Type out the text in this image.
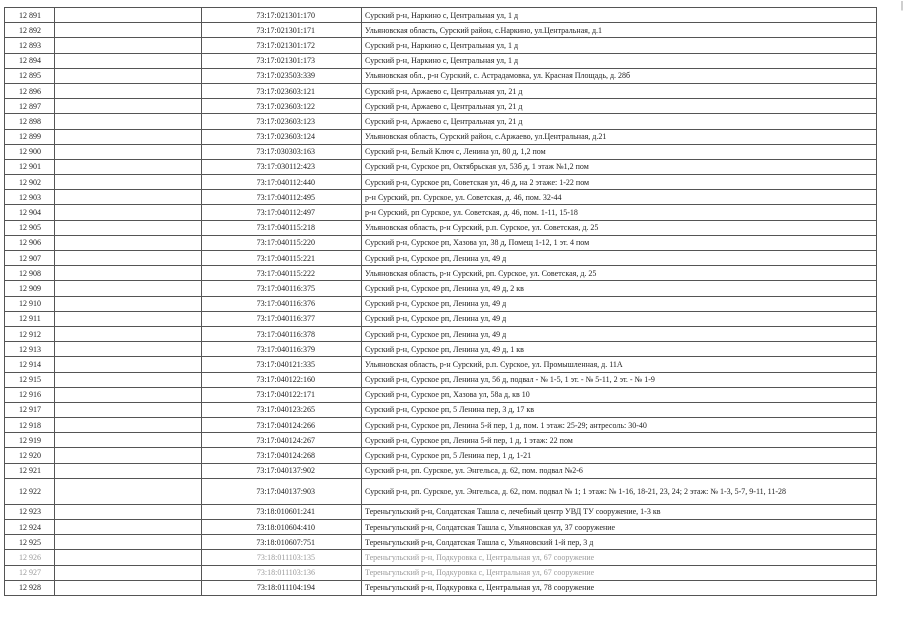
12 891		73:17:021301:170	Сурский р-н, Наркино с, Центральная ул, 1 д
12 892		73:17:021301:171	Ульяновская область, Сурский район, с.Наркино, ул.Центральная, д.1
12 893		73:17:021301:172	Сурский р-н, Наркино с, Центральная ул, 1 д
12 894		73:17:021301:173	Сурский р-н, Наркино с, Центральная ул, 1 д
12 895		73:17:023503:339	Ульяновская обл., р-н Сурский, с. Астрадамовка, ул. Красная Площадь, д. 28б
12 896		73:17:023603:121	Сурский р-н, Аржаево с, Центральная ул, 21 д
12 897		73:17:023603:122	Сурский р-н, Аржаево с, Центральная ул, 21 д
12 898		73:17:023603:123	Сурский р-н, Аржаево с, Центральная ул, 21 д
12 899		73:17:023603:124	Ульяновская область, Сурский район, с.Аржаево, ул.Центральная, д.21
12 900		73:17:030303:163	Сурский р-н, Белый Ключ с, Ленина ул, 80 д, 1,2 пом
12 901		73:17:030112:423	Сурский р-н, Сурское рп, Октябрьская ул, 53б д, 1 этаж №1,2 пом
12 902		73:17:040112:440	Сурский р-н, Сурское рп, Советская ул, 46 д, на 2 этаже: 1-22 пом
12 903		73:17:040112:495	р-н Сурский, рп. Сурское, ул. Советская, д. 46, пом. 32-44
12 904		73:17:040112:497	р-н Сурский, рп Сурское, ул. Советская, д. 46, пом. 1-11, 15-18
12 905		73:17:040115:218	Ульяновская область, р-н Сурский, р.п. Сурское, ул. Советская, д. 25
12 906		73:17:040115:220	Сурский р-н, Сурское рп, Хазова ул, 38 д, Помещ 1-12, 1 эт. 4 пом
12 907		73:17:040115:221	Сурский р-н, Сурское рп, Ленина ул, 49 д
12 908		73:17:040115:222	Ульяновская область, р-н Сурский, рп. Сурское, ул. Советская, д. 25
12 909		73:17:040116:375	Сурский р-н, Сурское рп, Ленина ул, 49 д, 2 кв
12 910		73:17:040116:376	Сурский р-н, Сурское рп, Ленина ул, 49 д
12 911		73:17:040116:377	Сурский р-н, Сурское рп, Ленина ул, 49 д
12 912		73:17:040116:378	Сурский р-н, Сурское рп, Ленина ул, 49 д
12 913		73:17:040116:379	Сурский р-н, Сурское рп, Ленина ул, 49 д, 1 кв
12 914		73:17:040121:335	Ульяновская область, р-н Сурский, р.п. Сурское, ул. Промышленная, д. 11А
12 915		73:17:040122:160	Сурский р-н, Сурское рп, Ленина ул, 56 д, подвал - № 1-5, 1 эт. - № 5-11, 2 эт. - № 1-9
12 916		73:17:040122:171	Сурский р-н, Сурское рп, Хазова ул, 58а д, кв 10
12 917		73:17:040123:265	Сурский р-н, Сурское рп, 5 Ленина пер, 3 д, 17 кв
12 918		73:17:040124:266	Сурский р-н, Сурское рп, Ленина 5-й пер, 1 д, пом. 1 этаж: 25-29; антресоль: 30-40
12 919		73:17:040124:267	Сурский р-н, Сурское рп, Ленина 5-й пер, 1 д, 1 этаж: 22 пом
12 920		73:17:040124:268	Сурский р-н, Сурское рп, 5 Ленина пер, 1 д, 1-21
12 921		73:17:040137:902	Сурский р-н, рп. Сурское, ул. Энгельса, д. 62, пом. подвал №2-6
12 922		73:17:040137:903	Сурский р-н, рп. Сурское, ул. Энгельса, д. 62, пом. подвал № 1; 1 этаж: № 1-16, 18-21, 23, 24; 2 этаж: № 1-3, 5-7, 9-11, 11-28
12 923		73:18:010601:241	Тереньгульский р-н, Солдатская Ташла с, лечебный центр УВД ТУ сооружение, 1-3 кв
12 924		73:18:010604:410	Тереньгульский р-н, Солдатская Ташла с, Ульяновская ул, 37 сооружение
12 925		73:18:010607:751	Тереньгульский р-н, Солдатская Ташла с, Ульяновский 1-й пер, 3 д
12 926		73:18:011103:135	Тереньгульский р-н, Подкуровка с, Центральная ул, 67 сооружение
12 927		73:18:011103:136	Тереньгульский р-н, Подкуровка с, Центральная ул, 67 сооружение
12 928		73:18:011104:194	Тереньгульский р-н, Подкуровка с, Центральная ул, 78 сооружение
|
